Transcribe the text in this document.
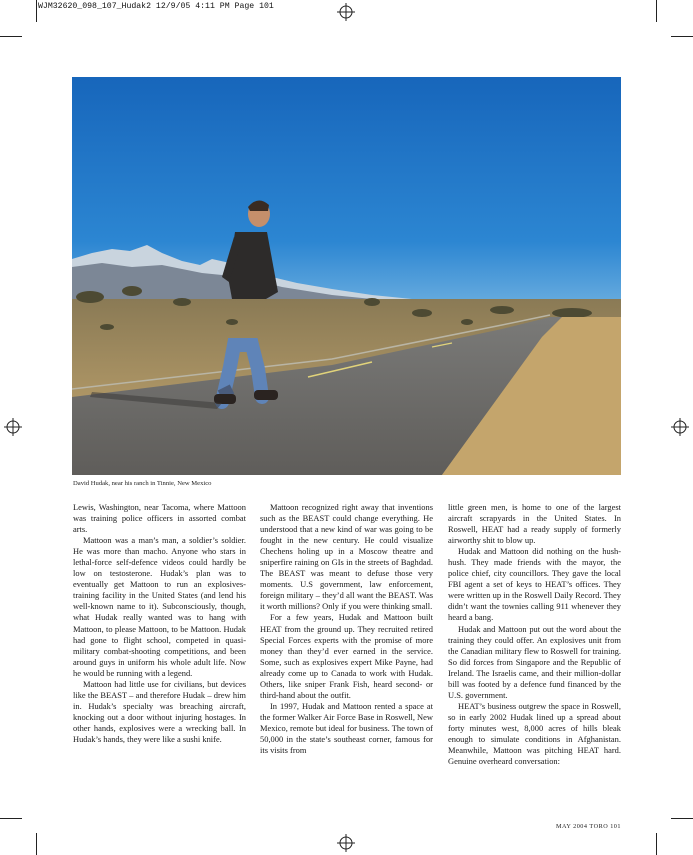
WJM32620_098_107_Hudak2 12/9/05 4:11 PM Page 101
David Hudak, near his ranch in Tinnie, New Mexico

Lewis, Washington, near Tacoma, where Mattoon was training police officers in assorted combat arts.

Mattoon was a man’s man, a soldier’s soldier. He was more than macho. Anyone who stars in lethal-force self-defence videos could hardly be low on testosterone. Hudak’s plan was to eventually get Mattoon to run an explosives-training facility in the United States (and lend his well-known name to it). Subconsciously, though, what Hudak really wanted was to hang with Mattoon, to please Mattoon, to be Mattoon. Hudak had gone to flight school, competed in quasi-military combat-shooting competitions, and been around guys in uniform his whole adult life. Now he would be running with a legend.

Mattoon had little use for civilians, but devices like the BEAST – and therefore Hudak – drew him in. Hudak’s specialty was breaching aircraft, knocking out a door without injuring hostages. In other hands, explosives were a wrecking ball. In Hudak’s hands, they were like a sushi knife.

Mattoon recognized right away that inventions such as the BEAST could change everything. He understood that a new kind of war was going to be fought in the new century. He could visualize Chechens holing up in a Moscow theatre and sniperfire raining on GIs in the streets of Baghdad. The BEAST was meant to defuse those very moments. U.S government, law enforcement, foreign military – they’d all want the BEAST. Was it worth millions? Only if you were thinking small.

For a few years, Hudak and Mattoon built HEAT from the ground up. They recruited retired Special Forces experts with the promise of more money than they’d ever earned in the service. Some, such as explosives expert Mike Payne, had already come up to Canada to work with Hudak. Others, like sniper Frank Fish, heard second- or third-hand about the outfit.

In 1997, Hudak and Mattoon rented a space at the former Walker Air Force Base in Roswell, New Mexico, remote but ideal for business. The town of 50,000 in the state’s southeast corner, famous for its visits from

little green men, is home to one of the largest aircraft scrapyards in the United States. In Roswell, HEAT had a ready supply of formerly airworthy shit to blow up.

Hudak and Mattoon did nothing on the hush-hush. They made friends with the mayor, the police chief, city councillors. They gave the local FBI agent a set of keys to HEAT’s offices. They were written up in the Roswell Daily Record. They didn’t want the townies calling 911 whenever they heard a bang.

Hudak and Mattoon put out the word about the training they could offer. An explosives unit from the Canadian military flew to Roswell for training. So did forces from Singapore and the Republic of Ireland. The Israelis came, and their million-dollar bill was footed by a defence fund financed by the U.S. government.

HEAT’s business outgrew the space in Roswell, so in early 2002 Hudak lined up a spread about forty minutes west, 8,000 acres of hills bleak enough to simulate conditions in Afghanistan. Meanwhile, Mattoon was pitching HEAT hard. Genuine overheard conversation:

MAY 2004 TORO 101
